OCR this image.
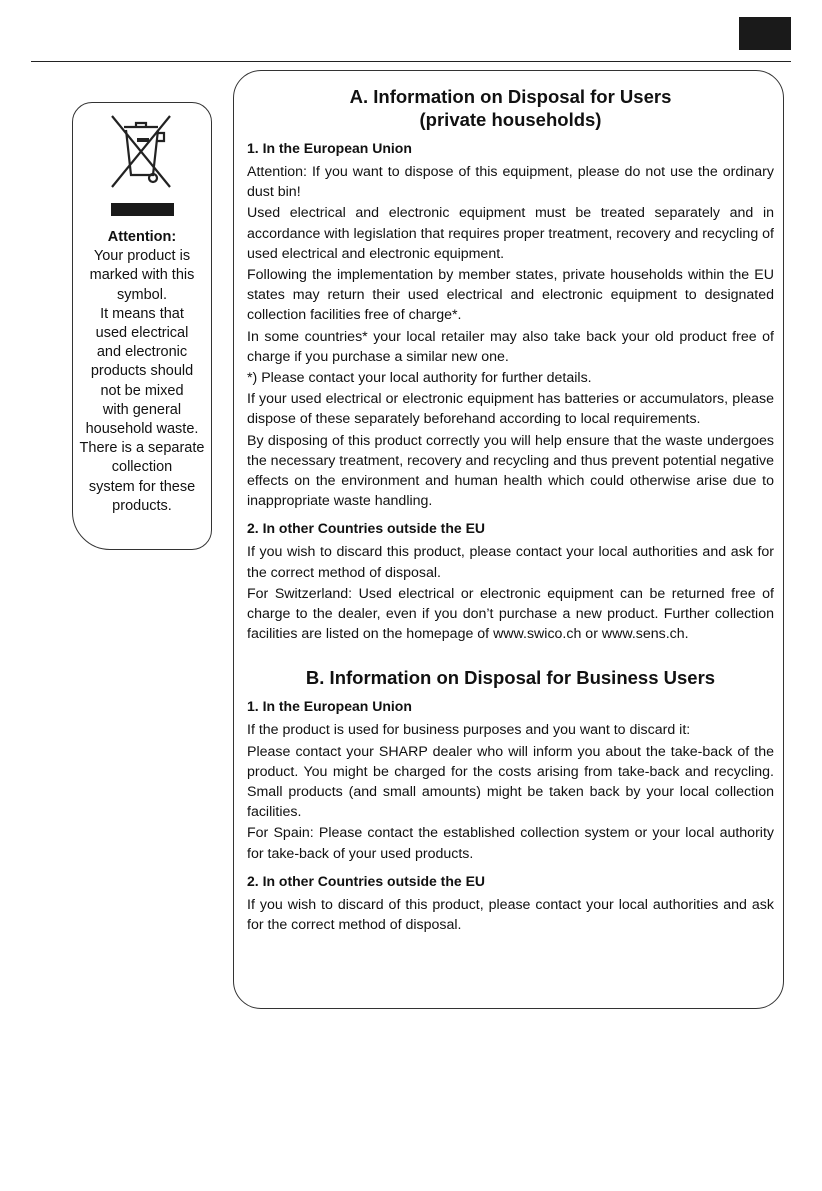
Attention:
Your product is
marked with this
symbol.
It means that
used electrical
and electronic
products should
not be mixed
with general
household waste.
There is a separate
collection
system for these
products.
A. Information on Disposal for Users
(private households)
1. In the European Union

Attention: If you want to dispose of this equipment, please do not use the ordinary dust bin!

Used electrical and electronic equipment must be treated separately and in accordance with legislation that requires proper treatment, recovery and recycling of used electrical and electronic equipment.

Following the implementation by member states, private households within the EU states may return their used electrical and electronic equipment to designated collection facilities free of charge*.

In some countries* your local retailer may also take back your old product free of charge if you purchase a similar new one.

*) Please contact your local authority for further details.

If your used electrical or electronic equipment has batteries or accumulators, please dispose of these separately beforehand according to local requirements.

By disposing of this product correctly you will help ensure that the waste undergoes the necessary treatment, recovery and recycling and thus prevent potential negative effects on the environment and human health which could otherwise arise due to inappropriate waste handling.

2. In other Countries outside the EU

If you wish to discard this product, please contact your local authorities and ask for the correct method of disposal.

For Switzerland: Used electrical or electronic equipment can be returned free of charge to the dealer, even if you don’t purchase a new product. Further collection facilities are listed on the homepage of www.swico.ch or www.sens.ch.

B. Information on Disposal for Business Users
1. In the European Union

If the product is used for business purposes and you want to discard it:

Please contact your SHARP dealer who will inform you about the take-back of the product. You might be charged for the costs arising from take-back and recycling. Small products (and small amounts) might be taken back by your local collection facilities.

For Spain: Please contact the established collection system or your local authority for take-back of your used products.

2. In other Countries outside the EU

If you wish to discard of this product, please contact your local authorities and ask for the correct method of disposal.
